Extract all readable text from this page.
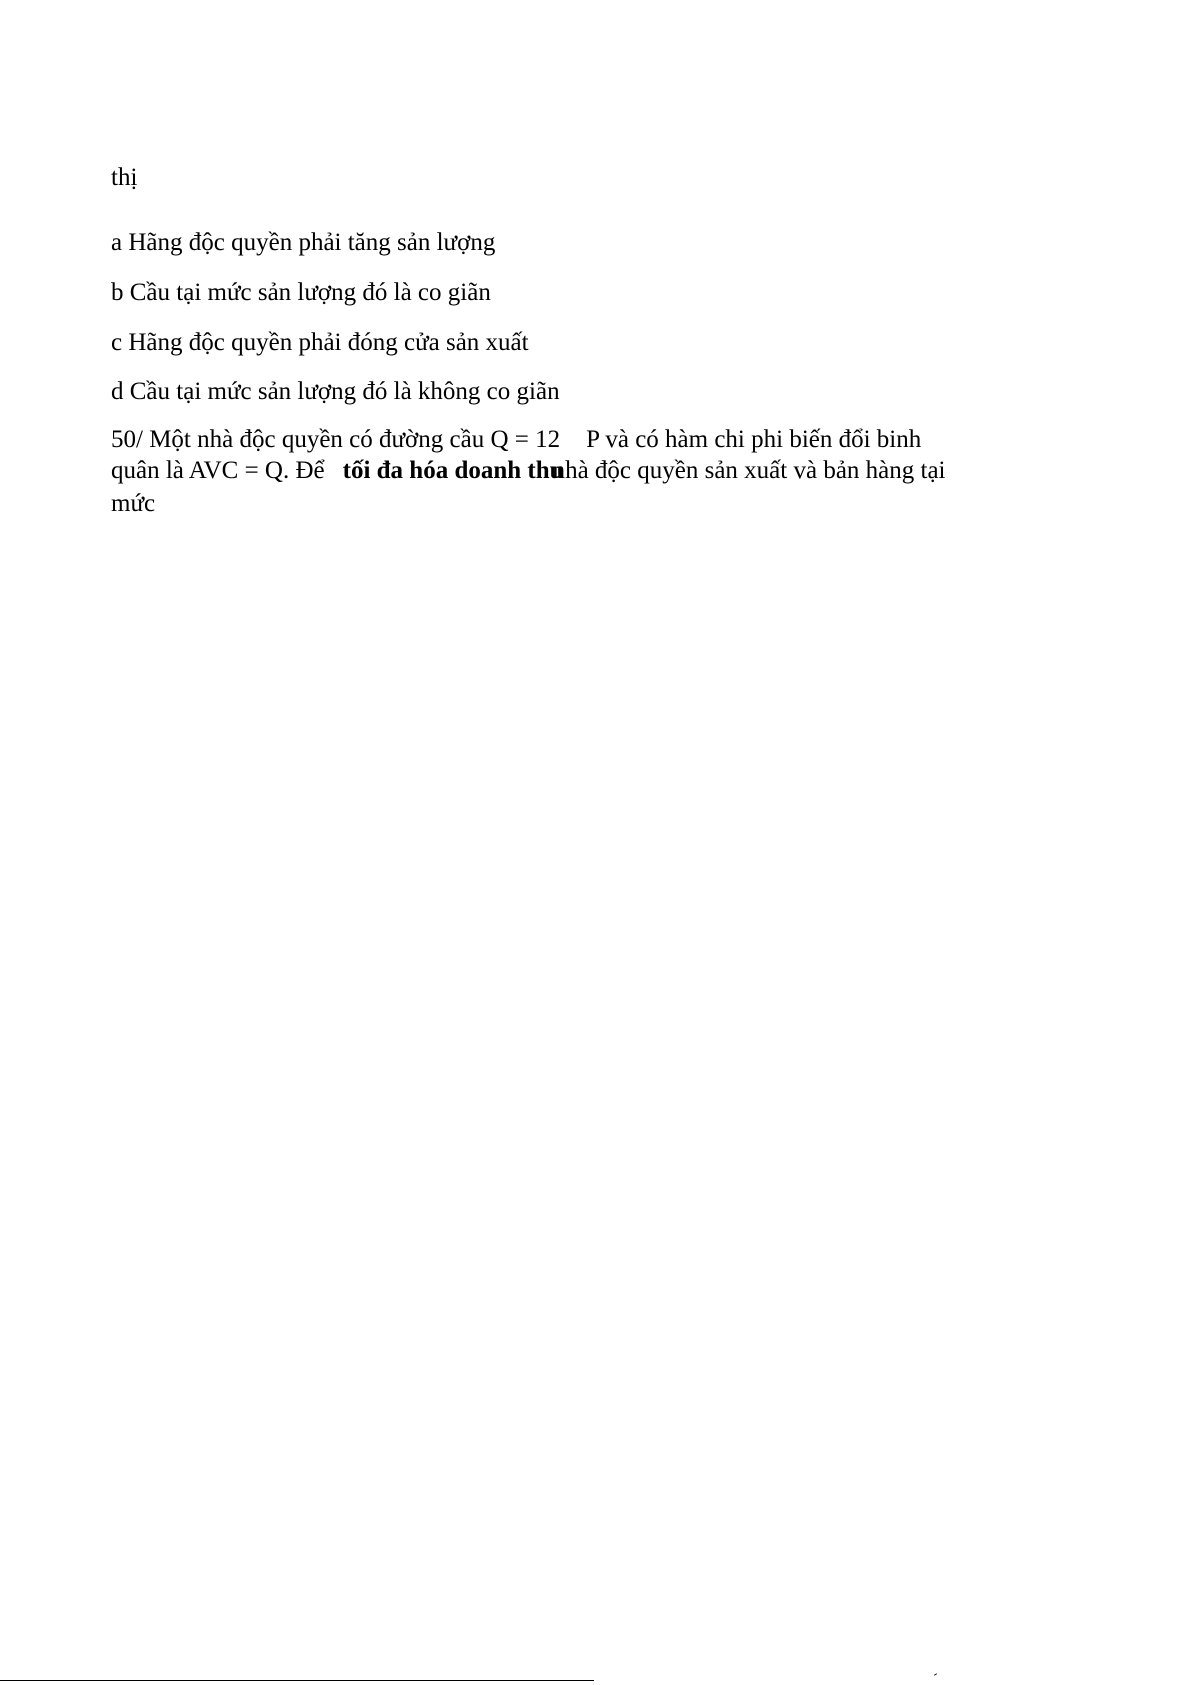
thị
a Hãng độc quyền phải tăng sản lượng
b Cầu tại mức sản lượng đó là co giãn
c Hãng độc quyền phải đóng cửa sản xuất
d Cầu tại mức sản lượng đó là không co giãn
50/ Một nhà độc quyền có đường cầu Q = 12 P và có hàm chi phi biến đổi binh
quân là AVC = Q. Để tối đa hóa doanh thunhà độc quyền sản xuất và bản hàng tại
mức
